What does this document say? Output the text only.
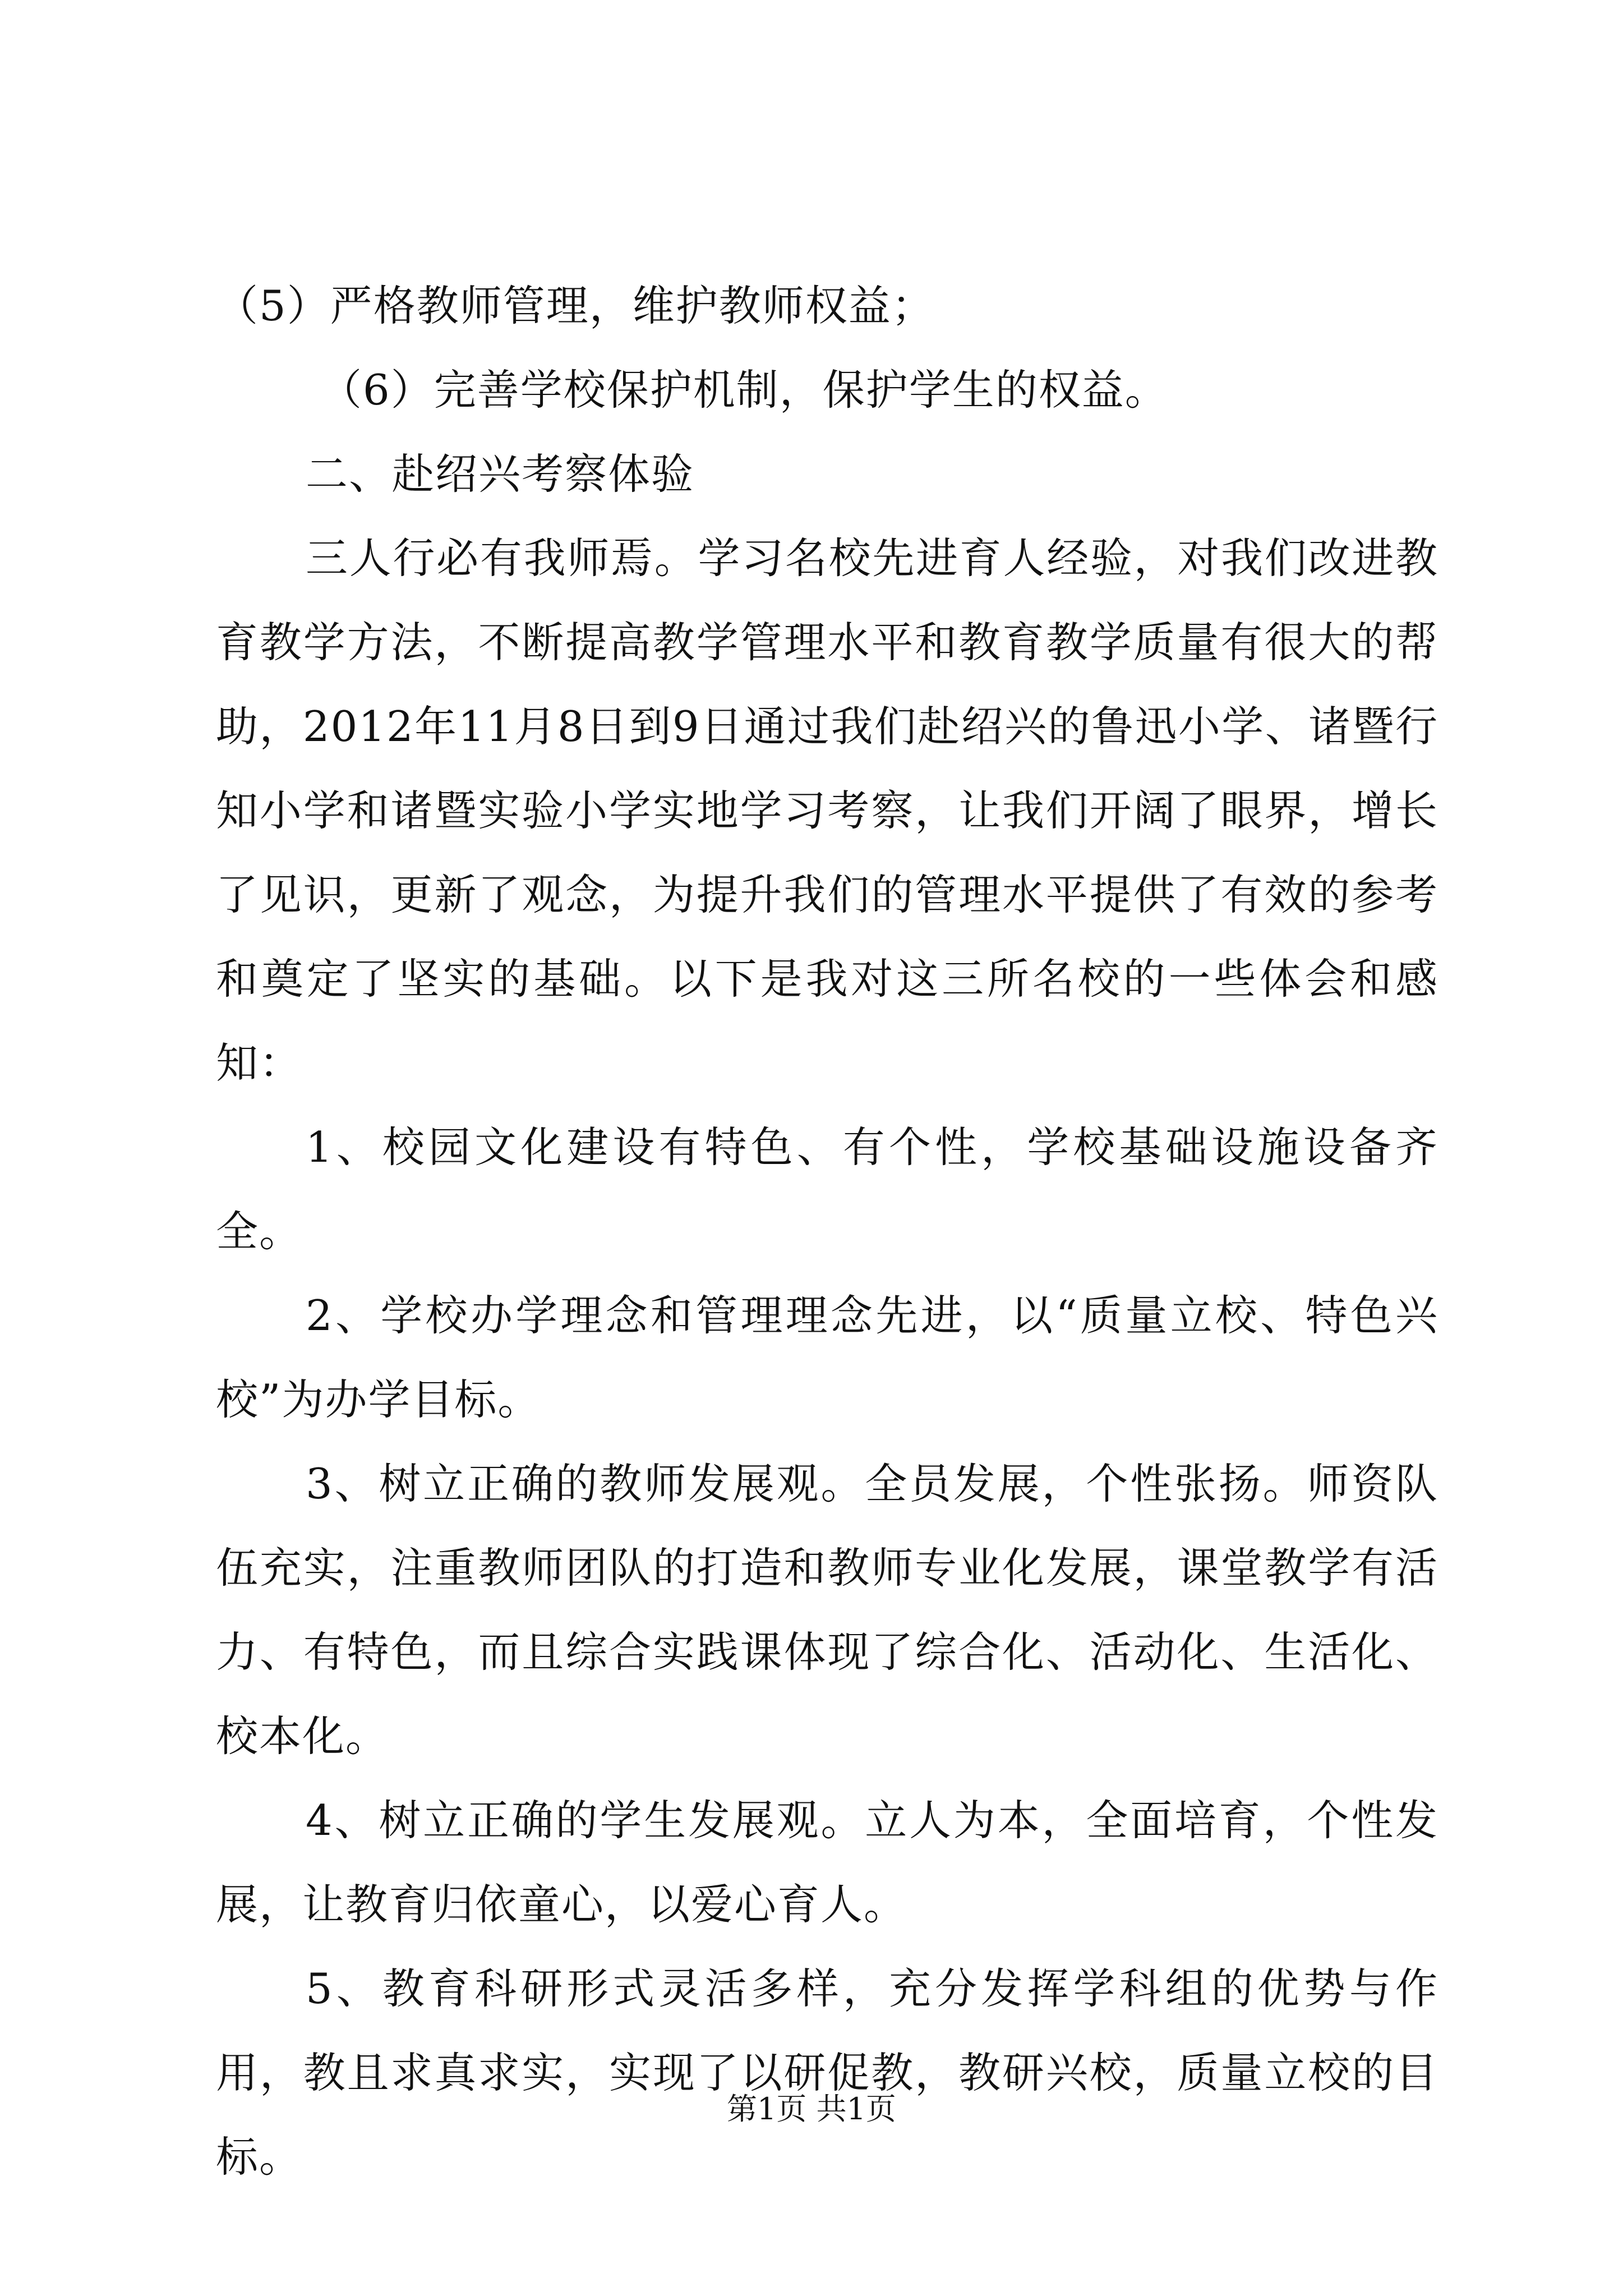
（5）严格教师管理，维护教师权益；

（6）完善学校保护机制，保护学生的权益。

二、赴绍兴考察体验

三人行必有我师焉。学习名校先进育人经验，对我们改进教育教学方法，不断提高教学管理水平和教育教学质量有很大的帮助，2012年11月8日到9日通过我们赴绍兴的鲁迅小学、诸暨行知小学和诸暨实验小学实地学习考察，让我们开阔了眼界，增长了见识，更新了观念，为提升我们的管理水平提供了有效的参考和奠定了坚实的基础。以下是我对这三所名校的一些体会和感知：

1、校园文化建设有特色、有个性，学校基础设施设备齐全。

2、学校办学理念和管理理念先进，以“质量立校、特色兴校”为办学目标。

3、树立正确的教师发展观。全员发展，个性张扬。师资队伍充实，注重教师团队的打造和教师专业化发展，课堂教学有活力、有特色，而且综合实践课体现了综合化、活动化、生活化、校本化。

4、树立正确的学生发展观。立人为本，全面培育，个性发展，让教育归依童心，以爱心育人。

5、教育科研形式灵活多样，充分发挥学科组的优势与作用，教且求真求实，实现了以研促教，教研兴校，质量立校的目标。

第1页 共1页
